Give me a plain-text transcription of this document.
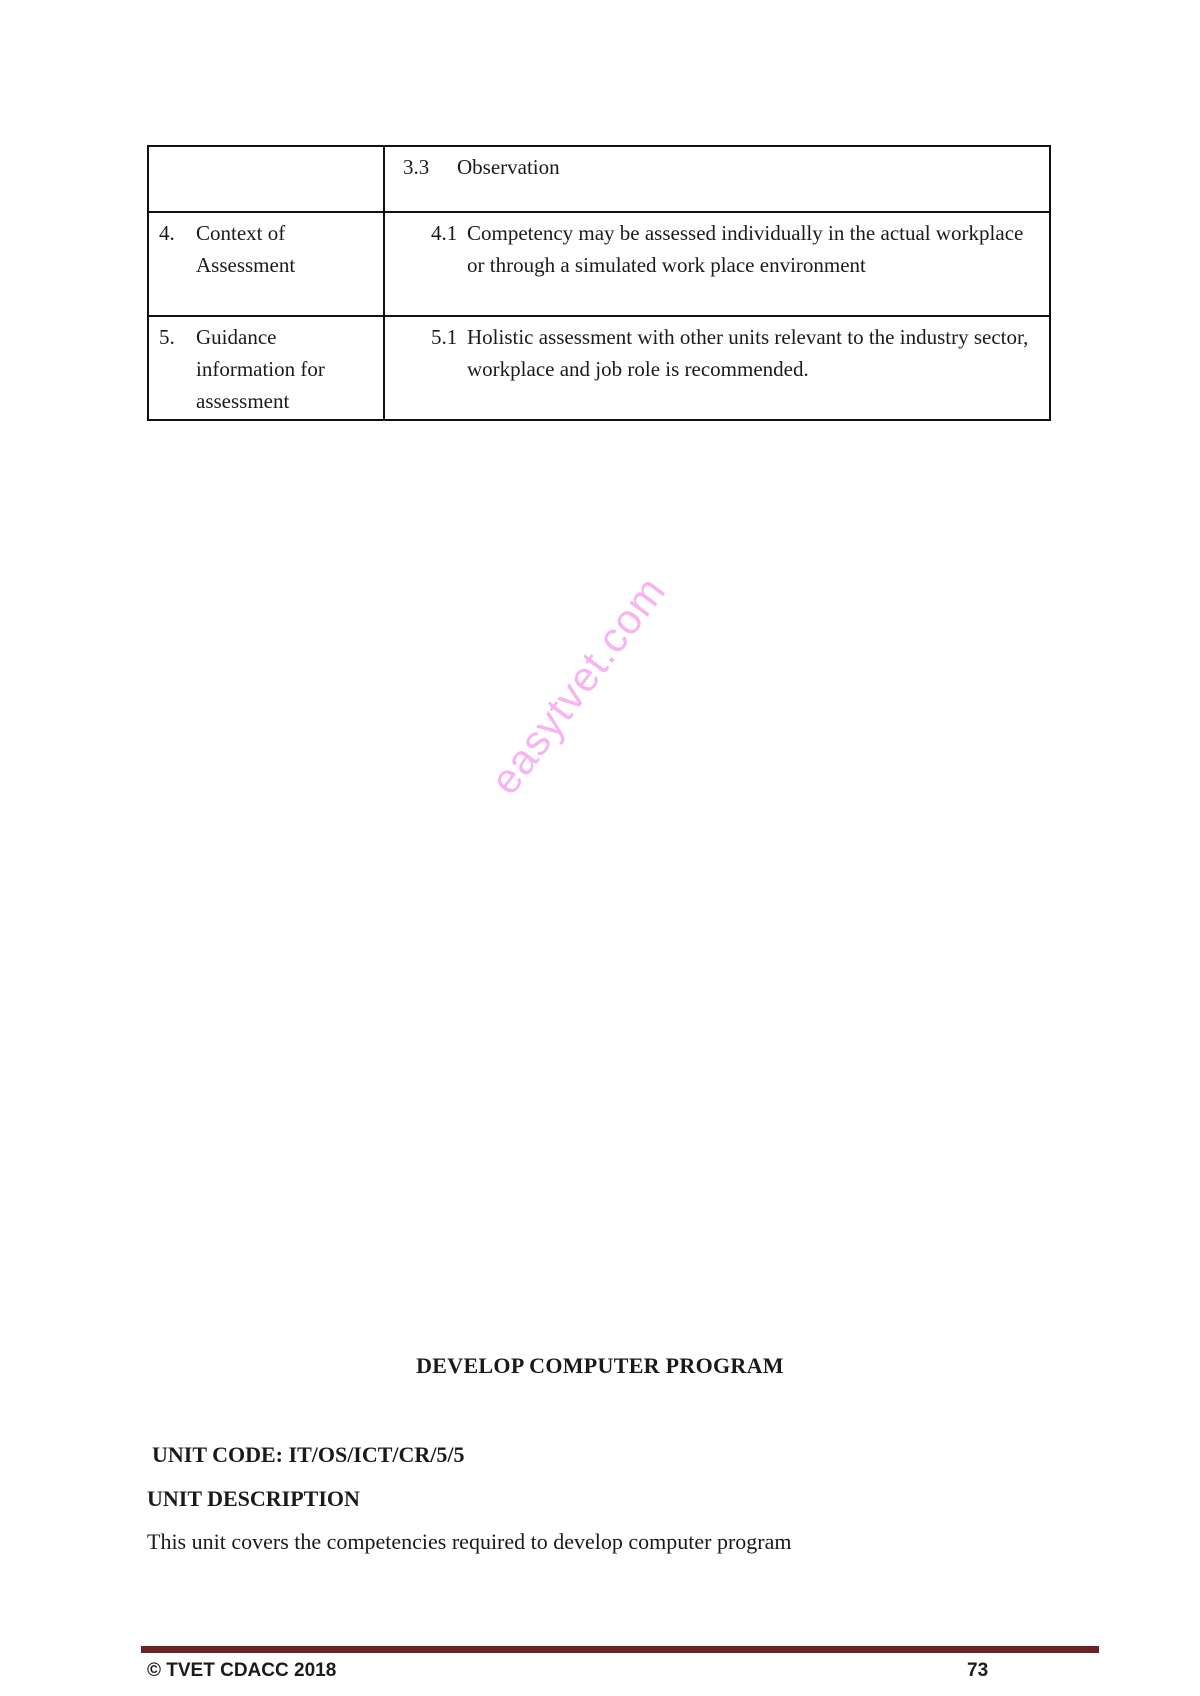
	3.3 Observation

4. Context of Assessment	4.1 Competency may be assessed individually in the actual workplace or through a simulated work place environment

5. Guidance information for assessment	5.1 Holistic assessment with other units relevant to the industry sector, workplace and job role is recommended.
easytvet.com
DEVELOP COMPUTER PROGRAM
UNIT CODE: IT/OS/ICT/CR/5/5
UNIT DESCRIPTION
This unit covers the competencies required to develop computer program
© TVET CDACC 2018	73
